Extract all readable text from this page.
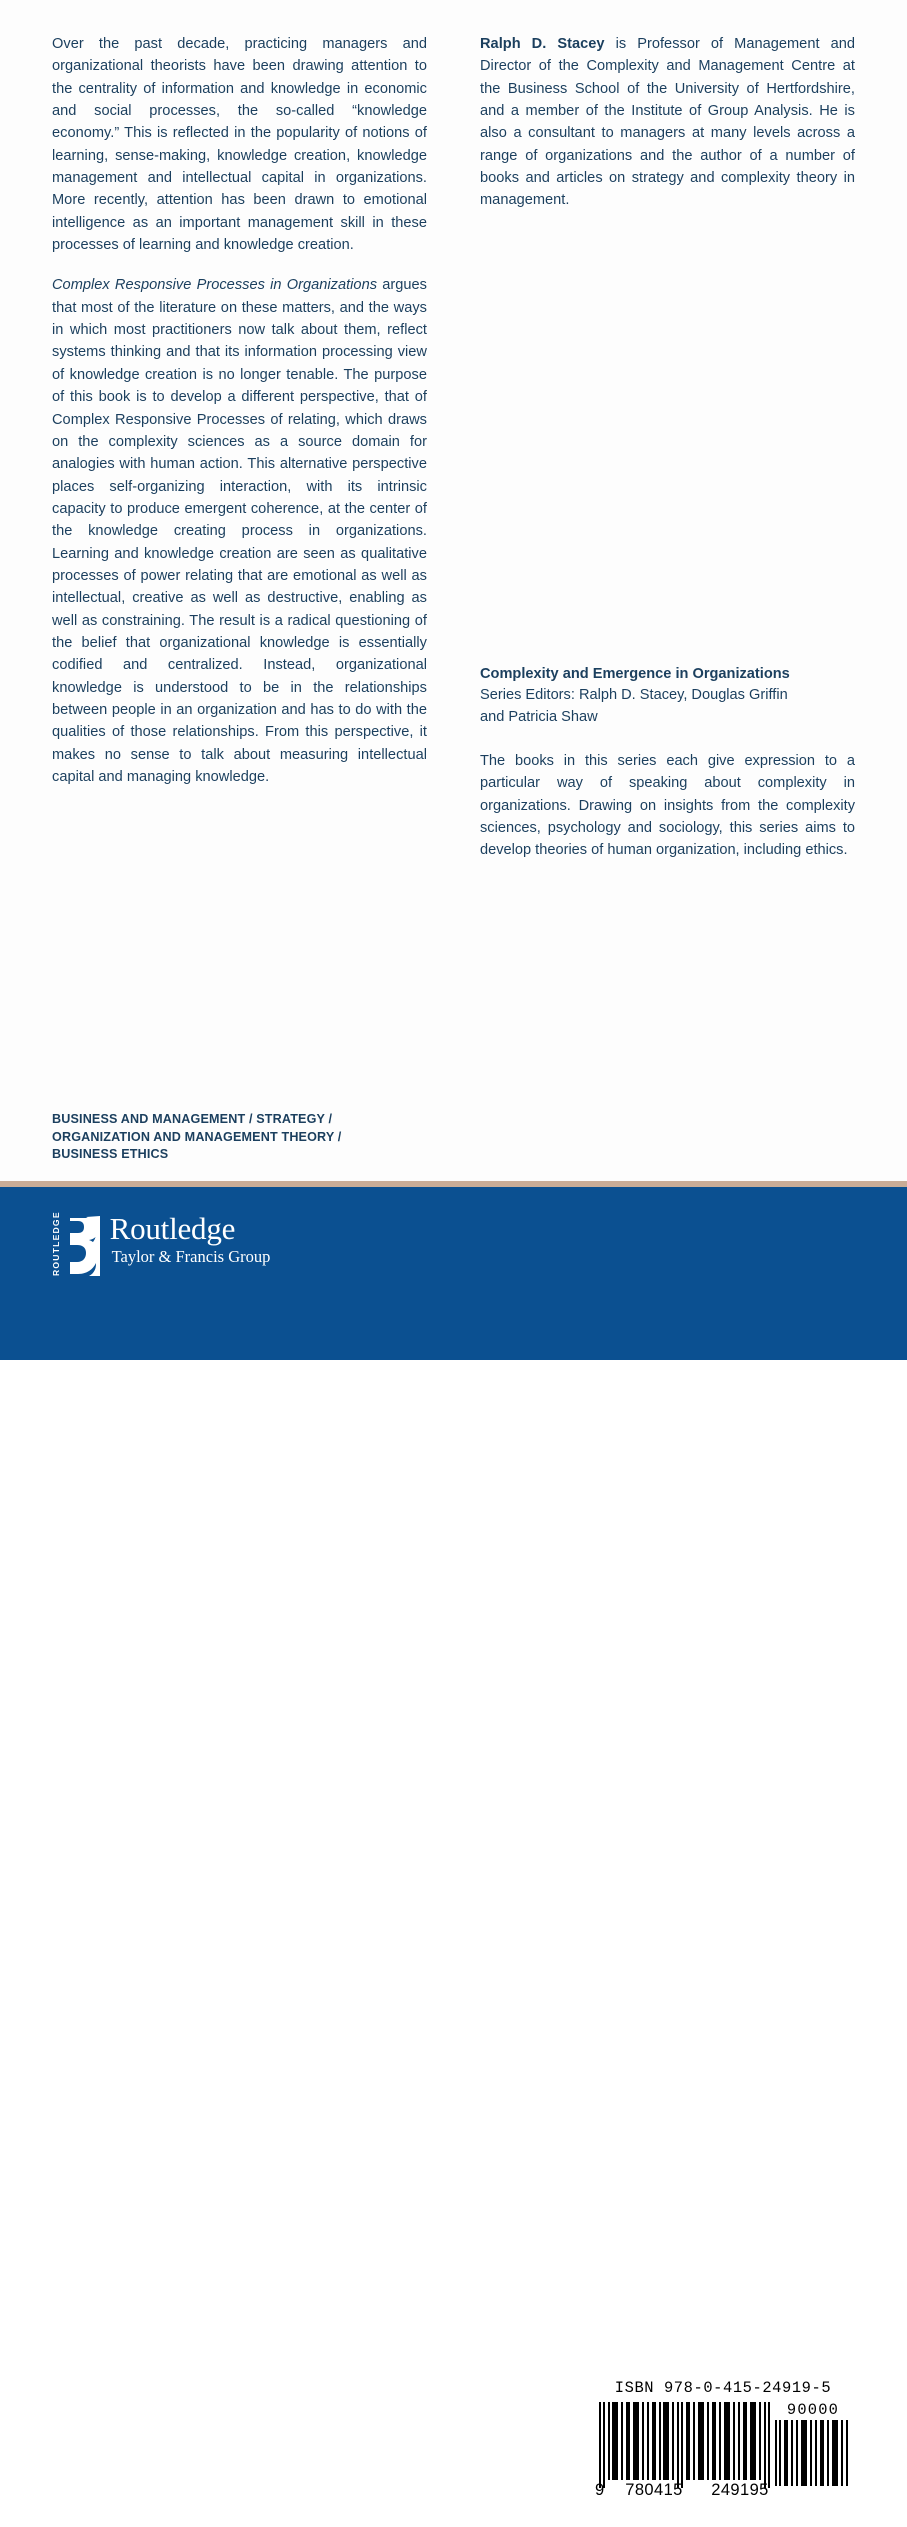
Over the past decade, practicing managers and organizational theorists have been drawing attention to the centrality of information and knowledge in economic and social processes, the so-called “knowledge economy.” This is reflected in the popularity of notions of learning, sense-making, knowledge creation, knowledge management and intellectual capital in organizations. More recently, attention has been drawn to emotional intelligence as an important management skill in these processes of learning and knowledge creation.

Complex Responsive Processes in Organizations argues that most of the literature on these matters, and the ways in which most practitioners now talk about them, reflect systems thinking and that its information processing view of knowledge creation is no longer tenable. The purpose of this book is to develop a different perspective, that of Complex Responsive Processes of relating, which draws on the complexity sciences as a source domain for analogies with human action. This alternative perspective places self-organizing interaction, with its intrinsic capacity to produce emergent coherence, at the center of the knowledge creating process in organizations. Learning and knowledge creation are seen as qualitative processes of power relating that are emotional as well as intellectual, creative as well as destructive, enabling as well as constraining. The result is a radical questioning of the belief that organizational knowledge is essentially codified and centralized. Instead, organizational knowledge is understood to be in the relationships between people in an organization and has to do with the qualities of those relationships. From this perspective, it makes no sense to talk about measuring intellectual capital and managing knowledge.

Ralph D. Stacey is Professor of Management and Director of the Complexity and Management Centre at the Business School of the University of Hertfordshire, and a member of the Institute of Group Analysis. He is also a consultant to managers at many levels across a range of organizations and the author of a number of books and articles on strategy and complexity theory in management.

Complexity and Emergence in Organizations
Series Editors: Ralph D. Stacey, Douglas Griffin
and Patricia Shaw

The books in this series each give expression to a particular way of speaking about complexity in organizations. Drawing on insights from the complexity sciences, psychology and sociology, this series aims to develop theories of human organization, including ethics.

BUSINESS AND MANAGEMENT / STRATEGY /
ORGANIZATION AND MANAGEMENT THEORY /
BUSINESS ETHICS
ROUTLEDGE Routledge
Taylor & Francis Group
2 Park Square, Milton Park,
Abingdon, Oxon, OX14 4RN
270 Madison Ave, New York NY 10016
www.routledge.com
Cover image: Pat O'Hara, courtesy of
Tony Stone Images
ISBN 978-0-415-24919-5
90000
9	780415	249195
